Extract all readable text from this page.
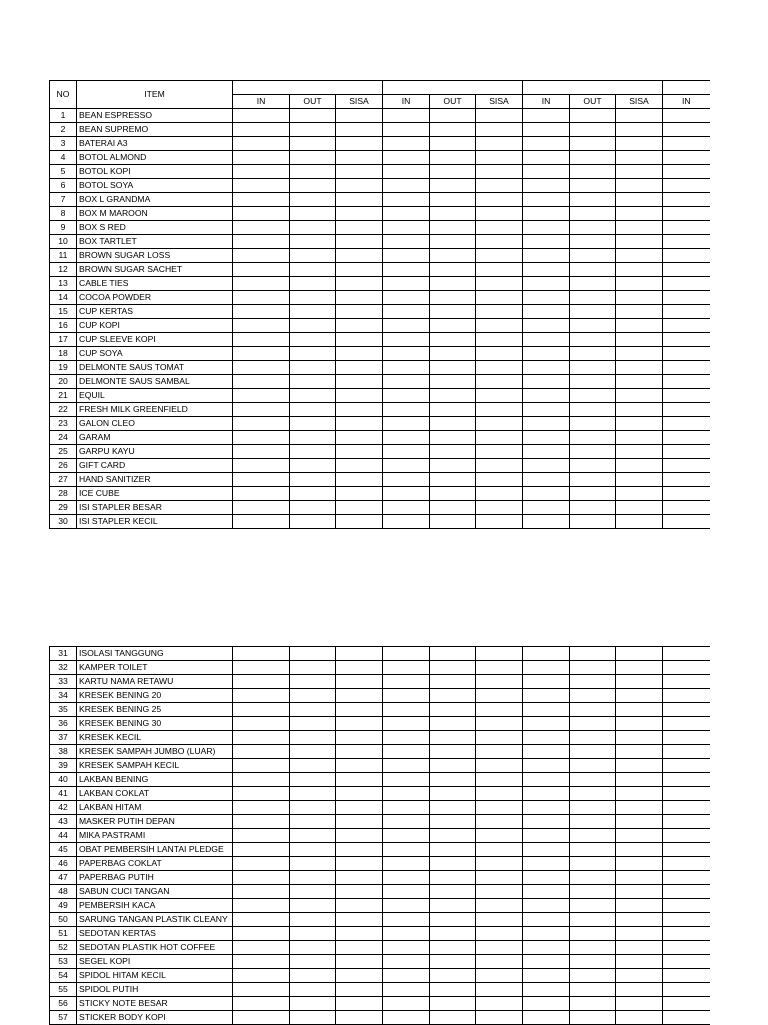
NO	ITEM										
		IN	OUT	SISA	IN	OUT	SISA	IN	OUT	SISA	IN
1	BEAN ESPRESSO										
2	BEAN SUPREMO										
3	BATERAI A3										
4	BOTOL ALMOND										
5	BOTOL KOPI										
6	BOTOL SOYA										
7	BOX L GRANDMA										
8	BOX M MAROON										
9	BOX S RED										
10	BOX TARTLET										
11	BROWN SUGAR LOSS										
12	BROWN SUGAR SACHET										
13	CABLE TIES										
14	COCOA POWDER										
15	CUP KERTAS										
16	CUP KOPI										
17	CUP SLEEVE KOPI										
18	CUP SOYA										
19	DELMONTE SAUS TOMAT										
20	DELMONTE SAUS SAMBAL										
21	EQUIL										
22	FRESH MILK GREENFIELD										
23	GALON CLEO										
24	GARAM										
25	GARPU KAYU										
26	GIFT CARD										
27	HAND SANITIZER										
28	ICE CUBE										
29	ISI STAPLER BESAR										
30	ISI STAPLER KECIL										
31	ISOLASI TANGGUNG										
32	KAMPER TOILET										
33	KARTU NAMA RETAWU										
34	KRESEK BENING 20										
35	KRESEK BENING 25										
36	KRESEK BENING 30										
37	KRESEK KECIL										
38	KRESEK SAMPAH JUMBO (LUAR)										
39	KRESEK SAMPAH KECIL										
40	LAKBAN BENING										
41	LAKBAN COKLAT										
42	LAKBAN HITAM										
43	MASKER PUTIH DEPAN										
44	MIKA PASTRAMI										
45	OBAT PEMBERSIH LANTAI PLEDGE										
46	PAPERBAG COKLAT										
47	PAPERBAG PUTIH										
48	SABUN CUCI TANGAN										
49	PEMBERSIH KACA										
50	SARUNG TANGAN PLASTIK CLEANY										
51	SEDOTAN KERTAS										
52	SEDOTAN PLASTIK HOT COFFEE										
53	SEGEL KOPI										
54	SPIDOL HITAM KECIL										
55	SPIDOL PUTIH										
56	STICKY NOTE BESAR										
57	STICKER BODY KOPI										
